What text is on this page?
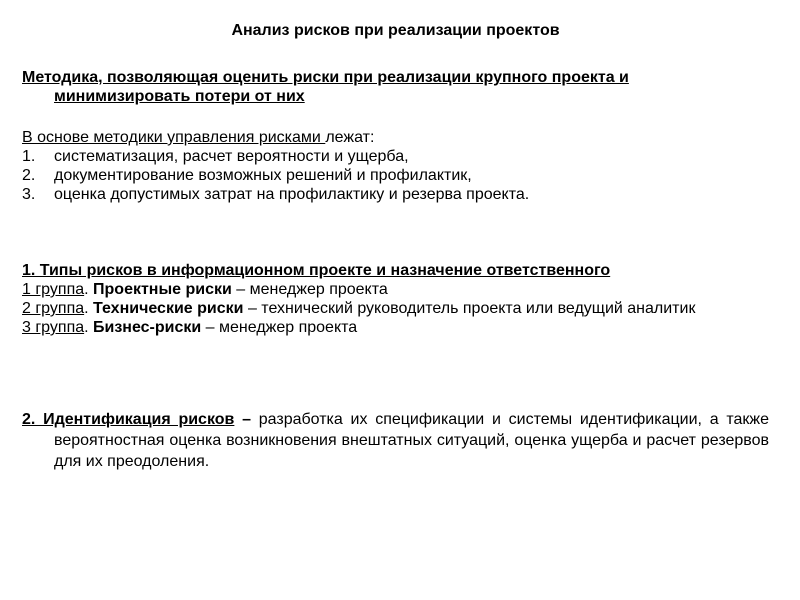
Анализ рисков при реализации проектов
Методика, позволяющая оценить риски при реализации крупного проекта и минимизировать потери от них
В основе методики управления рисками лежат:
1. систематизация, расчет вероятности и ущерба,
2. документирование возможных решений и профилактик,
3. оценка допустимых затрат на профилактику и резерва проекта.
1. Типы рисков в информационном проекте и назначение ответственного
1 группа. Проектные риски – менеджер проекта
2 группа. Технические риски – технический руководитель проекта или ведущий аналитик
3 группа. Бизнес-риски – менеджер проекта
2. Идентификация рисков – разработка их спецификации и системы идентификации, а также вероятностная оценка возникновения внештатных ситуаций, оценка ущерба и расчет резервов для их преодоления.
